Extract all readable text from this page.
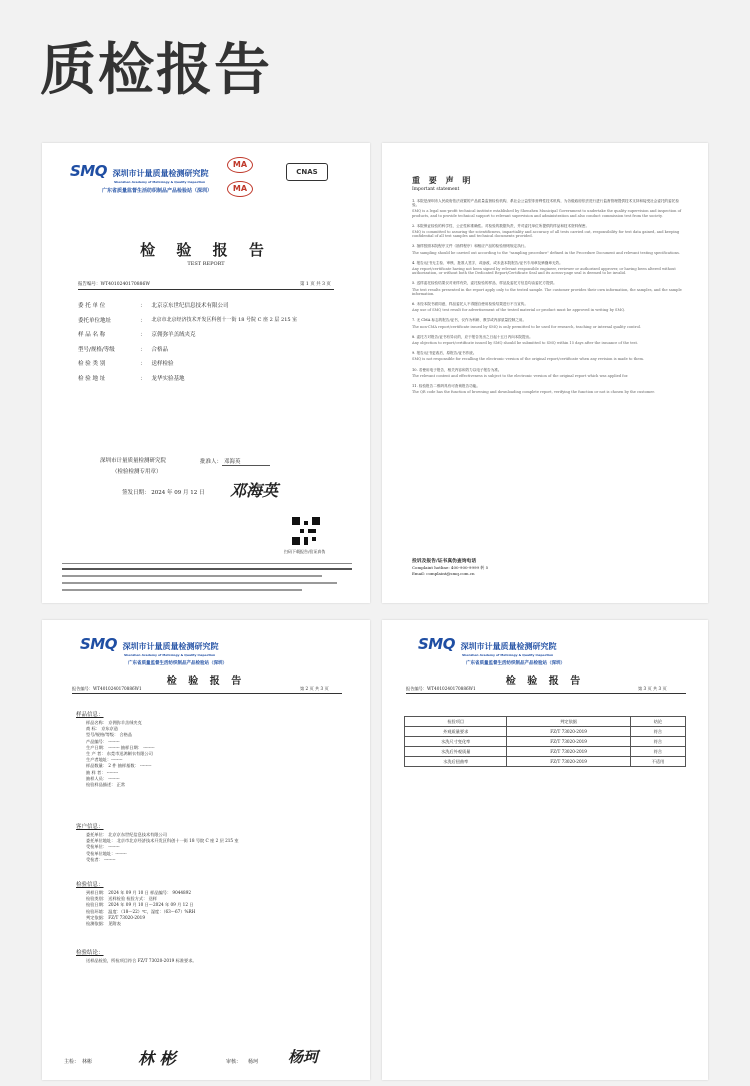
质检报告
SMQ 深圳市计量质量检测研究院
Shenzhen Academy of Metrology & Quality Inspection
广东省质量监督生活纺织制品产品检验站（深圳）
MA
MA
CNAS
检 验 报 告
TEST REPORT
报告编号：WT4010240170886W	第 1 页 共 3 页
委 托 单 位	： 北京京东世纪信息技术有限公司
委托单位地址	： 北京市北京经济技术开发区科创十一街 18 号院 C 座 2 层 215 室
样 品 名 称	： 京佣弥羊羔绒夹克
型号/规格/等级	： 合格品
检 验 类 别	： 送样检验
检 验 地 址	： 龙华实验基地
深圳市计量质量检测研究院
（检验检测专用章）
批准人： 邓海英
签发日期： 2024 年 09 月 12 日 邓海英
扫码下载报告/验证真伪
重 要 声 明
Important statement
1. 本院是深圳市人民政府依法设置的产品质量监督检验机构，系社会公益型非营利性技术机构，为各级政府依法进行进行监督管理提供技术支持和接受社会委托的委托检验。
SMQ is a legal non-profit technical institute established by Shenzhen Municipal Government to undertake the quality supervision and inspection of products, and to provide technical support to relevant supervision and administration and also conduct commission test from the society.
2. 本院保证检验的科学性、公正性和准确性。对检验的数据负责，并对委托单位所提供的样品和技术资料保密。
SMQ is committed to assuring the scientificness, impartiality and accuracy of all tests carried out, responsibility for test data gained, and keeping confidential of all test samples and technical documents provided.
3. 抽样按照本院程序文件（抽样程序）和相应产品的检验细则规定执行。
The sampling should be carried out according to the "sampling procedure" defined in the Procedure Document and relevant testing specifications.
4. 报告/证书无主检、审核、批准人签字，或涂改、或未盖本院报告/证书专用章及骑缝章无效。
Any report/certificate having not been signed by relevant responsible engineer, reviewer or authorized approver, or having been altered without authorization, or without both the Dedicated Report/Certificate Seal and its across-page seal is deemed to be invalid.
5. 送样委托检验结果仅对来样有效，委托检验的样品、样品及委托方信息均由委托方提供。
The test results presented in the report apply only to the tested sample. The customer provides their own information, the samples, and the sample information.
6. 未经本院书面同意，样品委托人不得擅自使用检验结果进行不当宣传。
Any use of SMQ test result for advertisement of the tested material or product must be approved in writing by SMQ.
7. 无 CMA 标志的报告/证书，仅作为科研、教学或内部质量控制之用。
The non-CMA report/certificate issued by SMQ is only permitted to be used for research, teaching or internal quality control.
8. 委托方对报告/证书有异议的，应于报告发出之日起十五日内向本院提出。
Any objection to report/certificate issued by SMQ should be submitted to SMQ within 15 days after the issuance of the test.
9. 报告/证书更改后，原报告/证书作废。
SMQ is not responsible for recalling the electronic version of the original report/certificate when any revision is made to them.
10. 若使用电子报告，相关内容和效力以电子报告为准。
The relevant content and effectiveness is subject to the electronic version of the original report which was applied for.
11. 检验报告二维码具有可查询报告功能。
The QR code has the function of browsing and downloading complete report, verifying the function or not is chosen by the customer.
投诉及报告/证书真伪查询电话
Complaint hotline: 400-900-9999 转 5
Email: complaint@smq.com.cn
SMQ 深圳市计量质量检测研究院
Shenzhen Academy of Metrology & Quality Inspection
广东省质量监督生活纺织制品产品检验站（深圳）
检 验 报 告
报告编号：WT4010240170886W1	第 2 页 共 3 页
样品信息：
样品名称： 京佣弥羊羔绒夹克
商 标： 京东京造
型号/规格/等级： 合格品
产品编号： --------
生产日期： -------- 抽样日期： --------
生 产 者： 东莞市迅鸿制衣有限公司
生产者地址：--------
样品数量： 2 件 抽样基数： --------
抽 样 者： --------
抽样人员： --------
检验样品描述： 正常
客户信息：
委托单位： 北京京东世纪信息技术有限公司
委托单位地址： 北京市北京经济技术开发区科创十一街 18 号院 C 座 2 层 215 室
受检单位： --------
受检单位地址：--------
受检者： --------
检验信息：
到样日期： 2024 年 09 月 10 日 样品编号： 9044892
检验类别： 送样检验 检验方式： 送样
检验日期： 2024 年 09 月 10 日～2024 年 09 月 12 日
检验环境： 温度：（18～22）℃，湿度：（63～67）%RH
判定依据： FZ/T 73020-2019
检测依据： 见附表
检验结论：
送样品检验，所检项目符合 FZ/T 73020-2019 标准要求。
主检： 林彬	林 彬	审核： 杨珂 杨珂
SMQ 深圳市计量质量检测研究院
Shenzhen Academy of Metrology & Quality Inspection
广东省质量监督生活纺织制品产品检验站（深圳）
检 验 报 告
报告编号：WT4010240170886W1	第 3 页 共 3 页
检验项目	判定依据	结论
外观质量要求	FZ/T 73020-2019	符合
水洗尺寸变化率	FZ/T 73020-2019	符合
水洗后外观质量	FZ/T 73020-2019	符合
水洗后扭曲率	FZ/T 73020-2019	不适用
